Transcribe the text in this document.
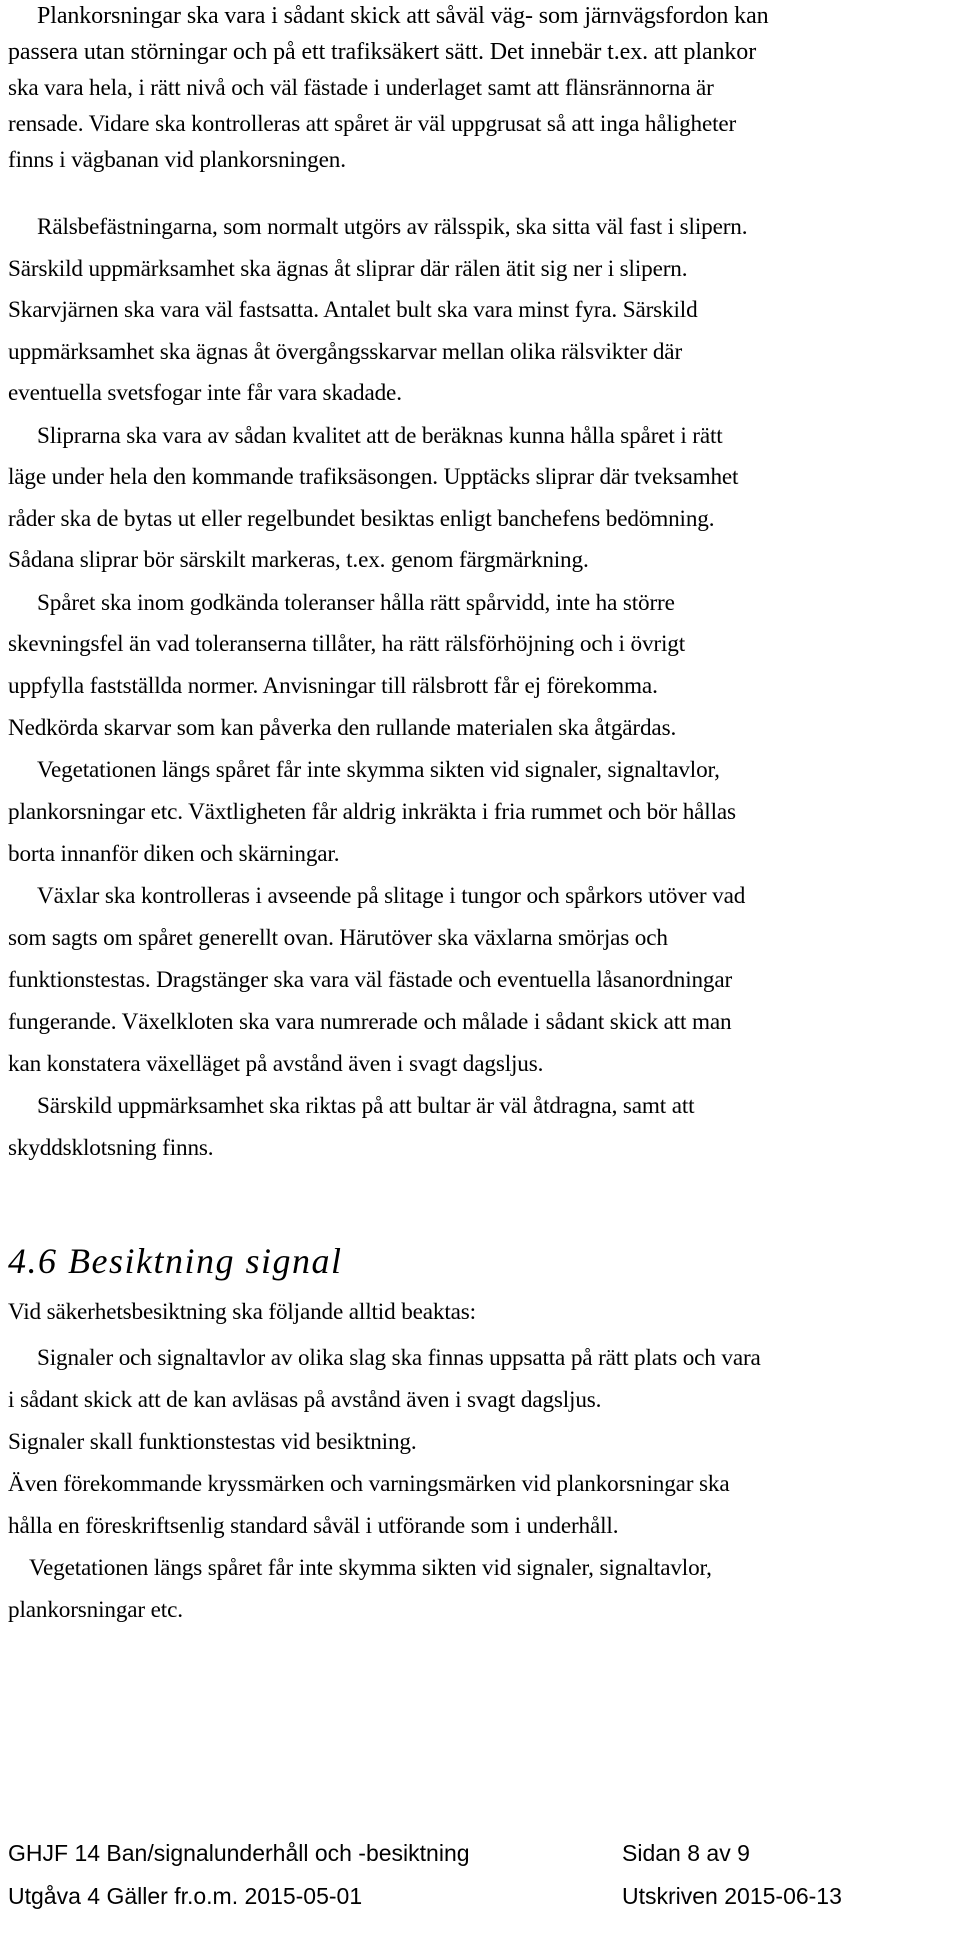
Plankorsningar ska vara i sådant skick att såväl väg- som järnvägsfordon kan
passera utan störningar och på ett trafiksäkert sätt. Det innebär t.ex. att plankor
ska vara hela, i rätt nivå och väl fästade i underlaget samt att flänsrännorna är
rensade. Vidare ska kontrolleras att spåret är väl uppgrusat så att inga håligheter
finns i vägbanan vid plankorsningen.
Rälsbefästningarna, som normalt utgörs av rälsspik, ska sitta väl fast i slipern.
Särskild uppmärksamhet ska ägnas åt sliprar där rälen ätit sig ner i slipern.
Skarvjärnen ska vara väl fastsatta. Antalet bult ska vara minst fyra. Särskild
uppmärksamhet ska ägnas åt övergångsskarvar mellan olika rälsvikter där
eventuella svetsfogar inte får vara skadade.
Sliprarna ska vara av sådan kvalitet att de beräknas kunna hålla spåret i rätt
läge under hela den kommande trafiksäsongen. Upptäcks sliprar där tveksamhet
råder ska de bytas ut eller regelbundet besiktas enligt banchefens bedömning.
Sådana sliprar bör särskilt markeras, t.ex. genom färgmärkning.
Spåret ska inom godkända toleranser hålla rätt spårvidd, inte ha större
skevningsfel än vad toleranserna tillåter, ha rätt rälsförhöjning och i övrigt
uppfylla fastställda normer. Anvisningar till rälsbrott får ej förekomma.
Nedkörda skarvar som kan påverka den rullande materialen ska åtgärdas.
Vegetationen längs spåret får inte skymma sikten vid signaler, signaltavlor,
plankorsningar etc. Växtligheten får aldrig inkräkta i fria rummet och bör hållas
borta innanför diken och skärningar.
Växlar ska kontrolleras i avseende på slitage i tungor och spårkors utöver vad
som sagts om spåret generellt ovan. Härutöver ska växlarna smörjas och
funktionstestas. Dragstänger ska vara väl fästade och eventuella låsanordningar
fungerande. Växelkloten ska vara numrerade och målade i sådant skick att man
kan konstatera växelläget på avstånd även i svagt dagsljus.
Särskild uppmärksamhet ska riktas på att bultar är väl åtdragna, samt att
skyddsklotsning finns.
4.6 Besiktning signal
Vid säkerhetsbesiktning ska följande alltid beaktas:
Signaler och signaltavlor av olika slag ska finnas uppsatta på rätt plats och vara
i sådant skick att de kan avläsas på avstånd även i svagt dagsljus.
Signaler skall funktionstestas vid besiktning.
Även förekommande kryssmärken och varningsmärken vid plankorsningar ska
hålla en föreskriftsenlig standard såväl i utförande som i underhåll.
Vegetationen längs spåret får inte skymma sikten vid signaler, signaltavlor,
plankorsningar etc.
GHJF 14 Ban/signalunderhåll och -besiktning	Sidan 8 av 9
Utgåva 4 Gäller fr.o.m. 2015-05-01	Utskriven 2015-06-13
